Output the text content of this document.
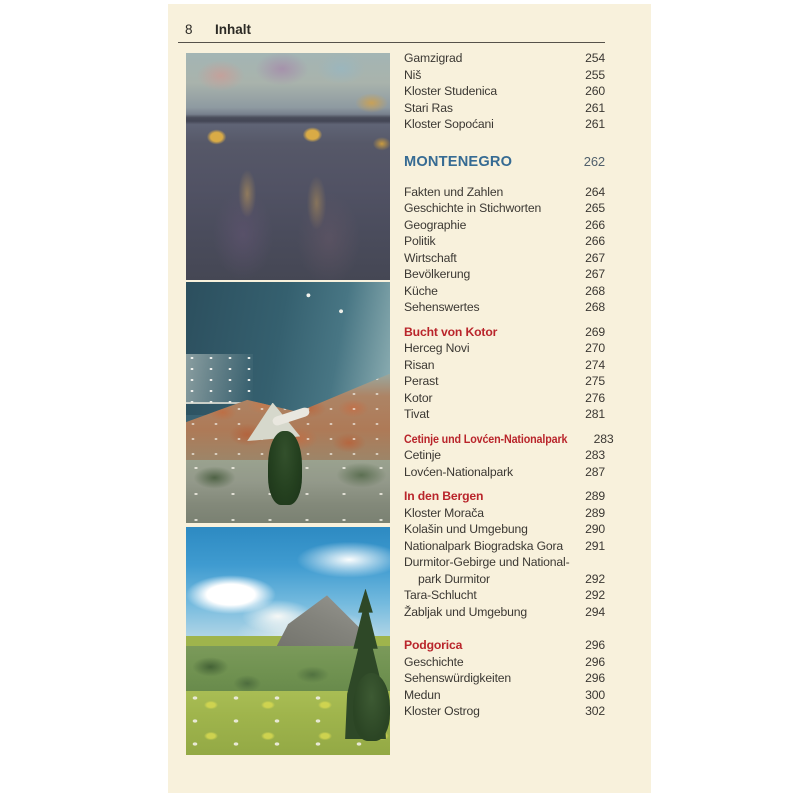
8 Inhalt
Gamzigrad	254
Niš	255
Kloster Studenica	260
Stari Ras	261
Kloster Sopoćani	261
MONTENEGRO	262
Fakten und Zahlen	264
Geschichte in Stichworten	265
Geographie	266
Politik	266
Wirtschaft	267
Bevölkerung	267
Küche	268
Sehenswertes	268
Bucht von Kotor	269
Herceg Novi	270
Risan	274
Perast	275
Kotor	276
Tivat	281
Cetinje und Lovćen-Nationalpark 283
Cetinje	283
Lovćen-Nationalpark	287
In den Bergen	289
Kloster Morača	289
Kolašin und Umgebung	290
Nationalpark Biogradska Gora 291
Durmitor-Gebirge und National-
park Durmitor	292
Tara-Schlucht	292
Žabljak und Umgebung	294
Podgorica	296
Geschichte	296
Sehenswürdigkeiten	296
Medun	300
Kloster Ostrog	302
